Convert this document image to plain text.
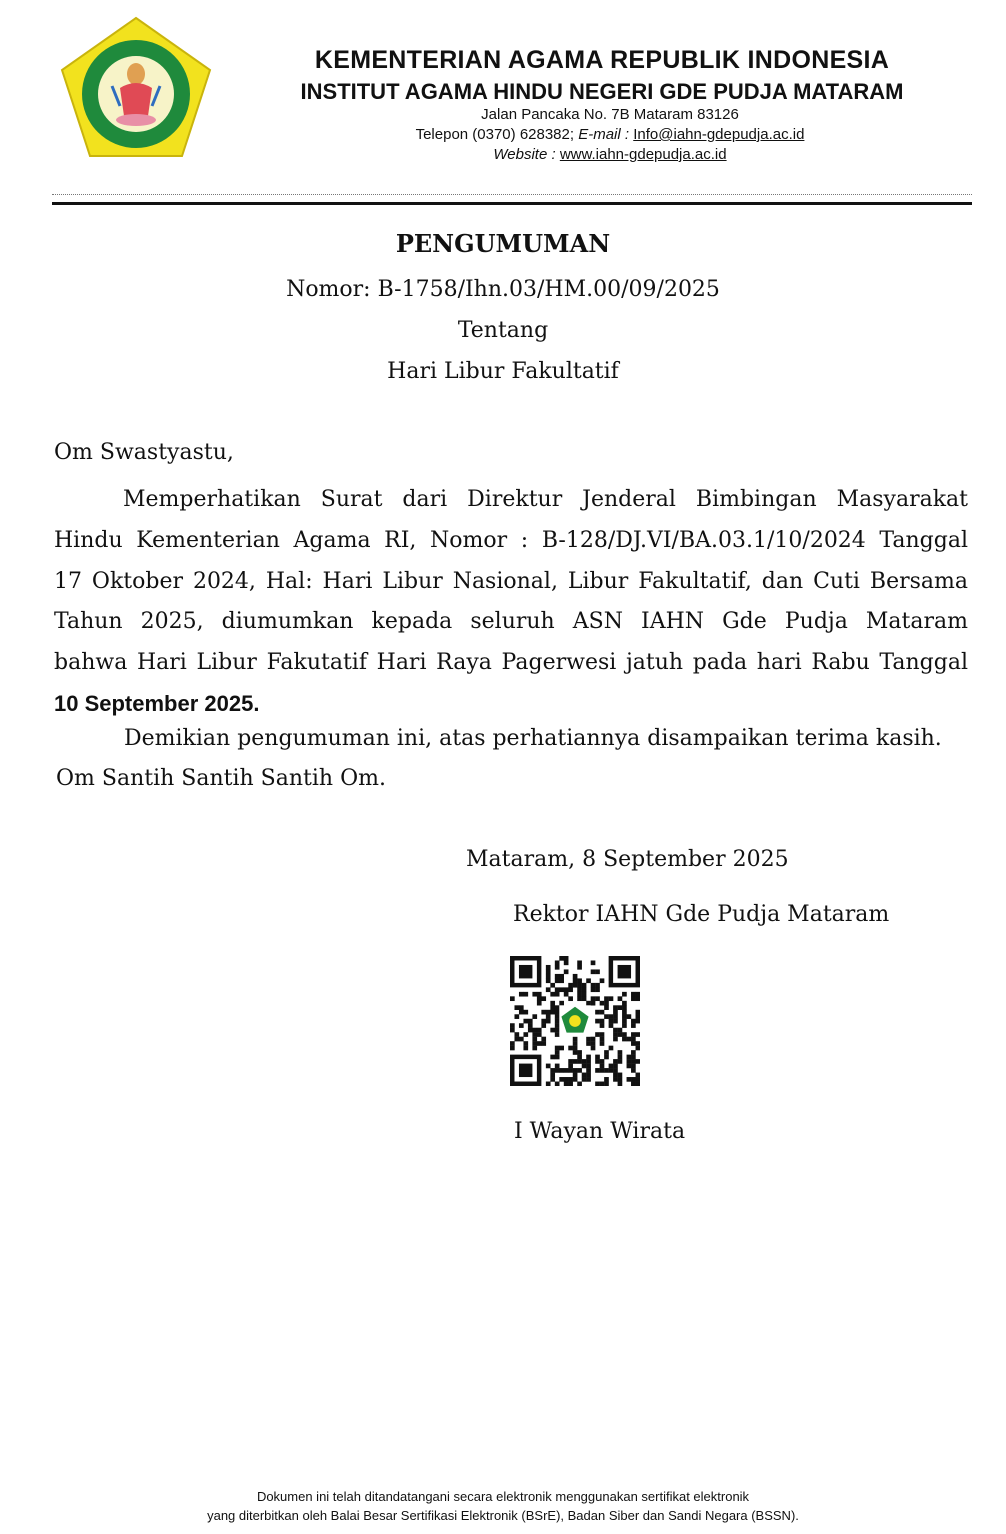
KEMENTERIAN AGAMA REPUBLIK INDONESIA
INSTITUT AGAMA HINDU NEGERI GDE PUDJA MATARAM
Jalan Pancaka No. 7B Mataram 83126
Telepon (0370) 628382; E-mail : Info@iahn-gdepudja.ac.id
Website : www.iahn-gdepudja.ac.id
PENGUMUMAN
Nomor: B-1758/Ihn.03/HM.00/09/2025
Tentang
Hari Libur Fakultatif
Om Swastyastu,
Memperhatikan Surat dari Direktur Jenderal Bimbingan Masyarakat
Hindu Kementerian Agama RI, Nomor : B-128/DJ.VI/BA.03.1/10/2024 Tanggal
17 Oktober 2024, Hal: Hari Libur Nasional, Libur Fakultatif, dan Cuti Bersama
Tahun 2025, diumumkan kepada seluruh ASN IAHN Gde Pudja Mataram
bahwa Hari Libur Fakutatif Hari Raya Pagerwesi jatuh pada hari Rabu Tanggal
10 September 2025.
Demikian pengumuman ini, atas perhatiannya disampaikan terima kasih.
Om Santih Santih Santih Om.
Mataram, 8 September 2025
Rektor IAHN Gde Pudja Mataram
I Wayan Wirata
Dokumen ini telah ditandatangani secara elektronik menggunakan sertifikat elektronik
yang diterbitkan oleh Balai Besar Sertifikasi Elektronik (BSrE), Badan Siber dan Sandi Negara (BSSN).
